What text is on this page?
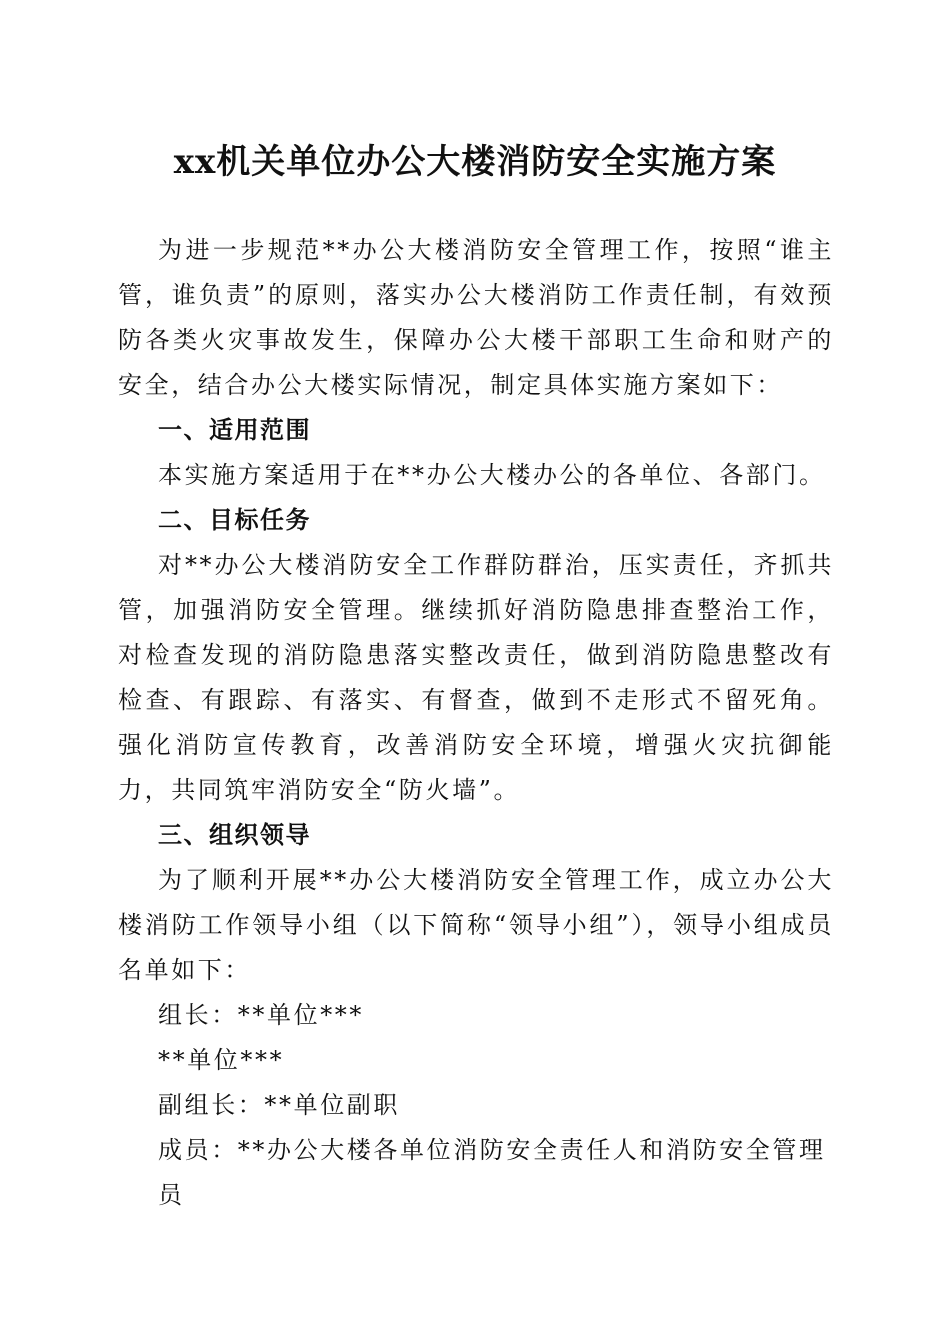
xx机关单位办公大楼消防安全实施方案

为进一步规范**办公大楼消防安全管理工作，按照“谁主管，谁负责”的原则，落实办公大楼消防工作责任制，有效预防各类火灾事故发生，保障办公大楼干部职工生命和财产的安全，结合办公大楼实际情况，制定具体实施方案如下：

一、适用范围

本实施方案适用于在**办公大楼办公的各单位、各部门。

二、目标任务

对**办公大楼消防安全工作群防群治，压实责任，齐抓共管，加强消防安全管理。继续抓好消防隐患排查整治工作，对检查发现的消防隐患落实整改责任，做到消防隐患整改有检查、有跟踪、有落实、有督查，做到不走形式不留死角。强化消防宣传教育，改善消防安全环境，增强火灾抗御能力，共同筑牢消防安全“防火墙”。

三、组织领导

为了顺利开展**办公大楼消防安全管理工作，成立办公大楼消防工作领导小组（以下简称“领导小组”），领导小组成员名单如下：

组长：**单位***

**单位***

副组长：**单位副职

成员：**办公大楼各单位消防安全责任人和消防安全管理员
